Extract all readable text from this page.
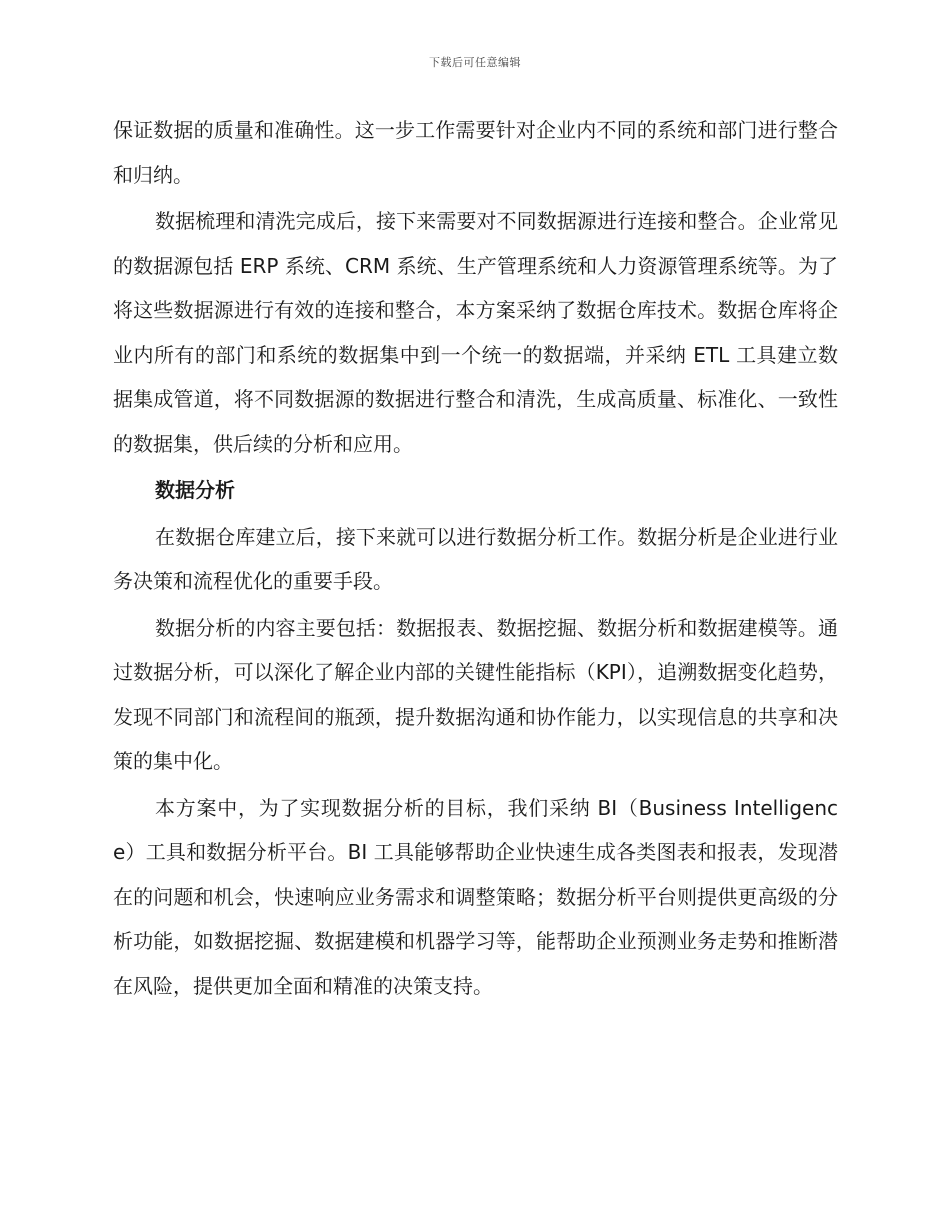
下载后可任意编辑

保证数据的质量和准确性。这一步工作需要针对企业内不同的系统和部门进行整合和归纳。

数据梳理和清洗完成后，接下来需要对不同数据源进行连接和整合。企业常见的数据源包括 ERP 系统、CRM 系统、生产管理系统和人力资源管理系统等。为了将这些数据源进行有效的连接和整合，本方案采纳了数据仓库技术。数据仓库将企业内所有的部门和系统的数据集中到一个统一的数据端，并采纳 ETL 工具建立数据集成管道，将不同数据源的数据进行整合和清洗，生成高质量、标准化、一致性的数据集，供后续的分析和应用。

数据分析

在数据仓库建立后，接下来就可以进行数据分析工作。数据分析是企业进行业务决策和流程优化的重要手段。

数据分析的内容主要包括：数据报表、数据挖掘、数据分析和数据建模等。通过数据分析，可以深化了解企业内部的关键性能指标（KPI），追溯数据变化趋势，发现不同部门和流程间的瓶颈，提升数据沟通和协作能力，以实现信息的共享和决策的集中化。

本方案中，为了实现数据分析的目标，我们采纳 BI（Business Intelligence）工具和数据分析平台。BI 工具能够帮助企业快速生成各类图表和报表，发现潜在的问题和机会，快速响应业务需求和调整策略；数据分析平台则提供更高级的分析功能，如数据挖掘、数据建模和机器学习等，能帮助企业预测业务走势和推断潜在风险，提供更加全面和精准的决策支持。
